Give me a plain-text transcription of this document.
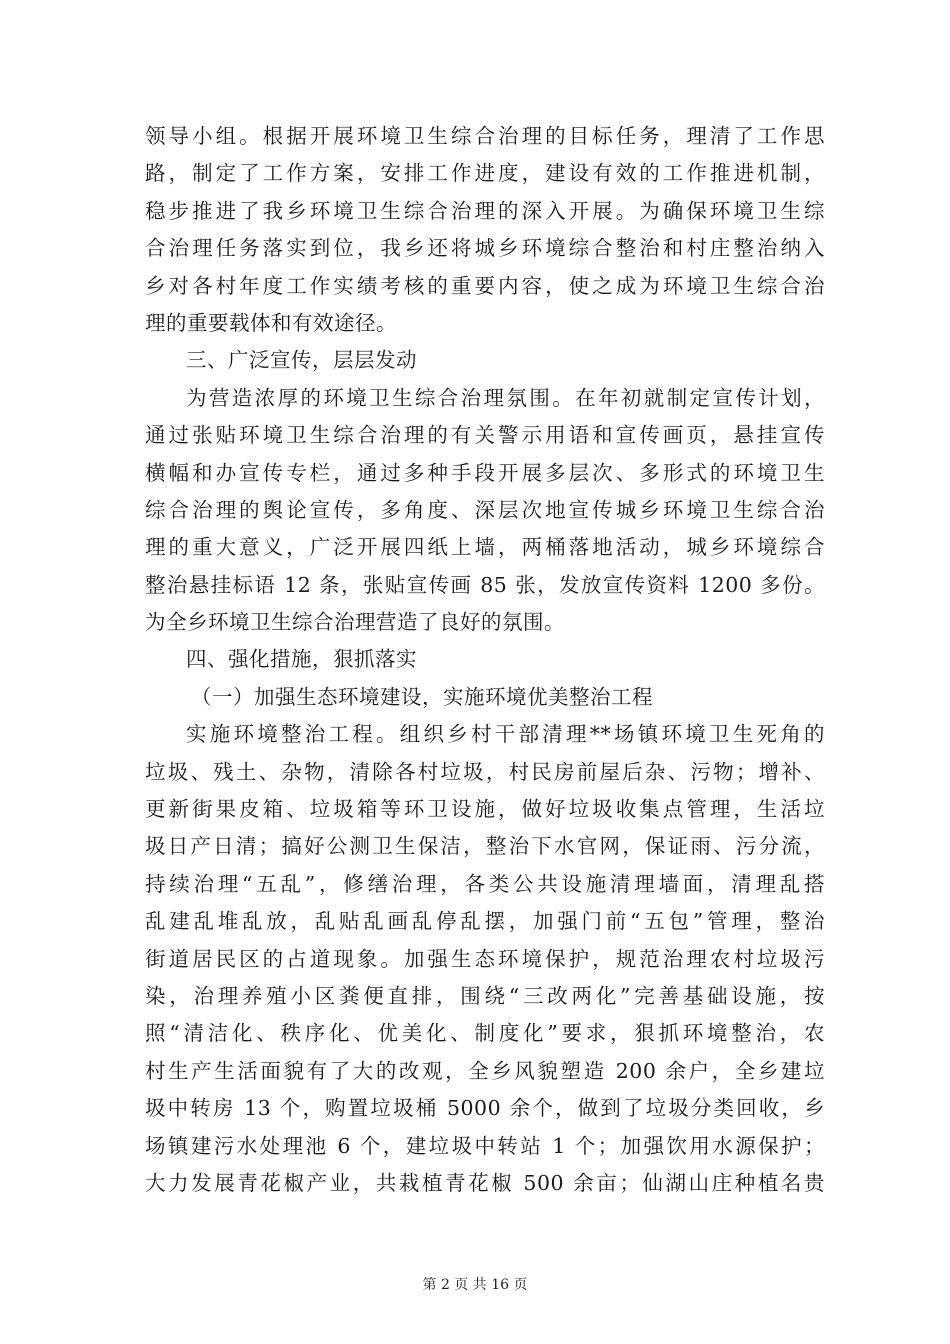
领导小组。根据开展环境卫生综合治理的目标任务，理清了工作思
路，制定了工作方案，安排工作进度，建设有效的工作推进机制，
稳步推进了我乡环境卫生综合治理的深入开展。为确保环境卫生综
合治理任务落实到位，我乡还将城乡环境综合整治和村庄整治纳入
乡对各村年度工作实绩考核的重要内容，使之成为环境卫生综合治
理的重要载体和有效途径。
三、广泛宣传，层层发动
为营造浓厚的环境卫生综合治理氛围。在年初就制定宣传计划，
通过张贴环境卫生综合治理的有关警示用语和宣传画页，悬挂宣传
横幅和办宣传专栏，通过多种手段开展多层次、多形式的环境卫生
综合治理的舆论宣传，多角度、深层次地宣传城乡环境卫生综合治
理的重大意义，广泛开展四纸上墙，两桶落地活动，城乡环境综合
整治悬挂标语 12 条，张贴宣传画 85 张，发放宣传资料 1200 多份。
为全乡环境卫生综合治理营造了良好的氛围。
四、强化措施，狠抓落实
（一）加强生态环境建设，实施环境优美整治工程
实施环境整治工程。组织乡村干部清理**场镇环境卫生死角的
垃圾、残土、杂物，清除各村垃圾，村民房前屋后杂、污物；增补、
更新街果皮箱、垃圾箱等环卫设施，做好垃圾收集点管理，生活垃
圾日产日清；搞好公测卫生保洁，整治下水官网，保证雨、污分流，
持续治理“五乱”，修缮治理，各类公共设施清理墙面，清理乱搭
乱建乱堆乱放，乱贴乱画乱停乱摆，加强门前“五包”管理，整治
街道居民区的占道现象。加强生态环境保护，规范治理农村垃圾污
染，治理养殖小区粪便直排，围绕“三改两化”完善基础设施，按
照“清洁化、秩序化、优美化、制度化”要求，狠抓环境整治，农
村生产生活面貌有了大的改观，全乡风貌塑造 200 余户，全乡建垃
圾中转房 13 个，购置垃圾桶 5000 余个，做到了垃圾分类回收，乡
场镇建污水处理池 6 个，建垃圾中转站 1 个；加强饮用水源保护；
大力发展青花椒产业，共栽植青花椒 500 余亩；仙湖山庄种植名贵
第 2 页 共 16 页
